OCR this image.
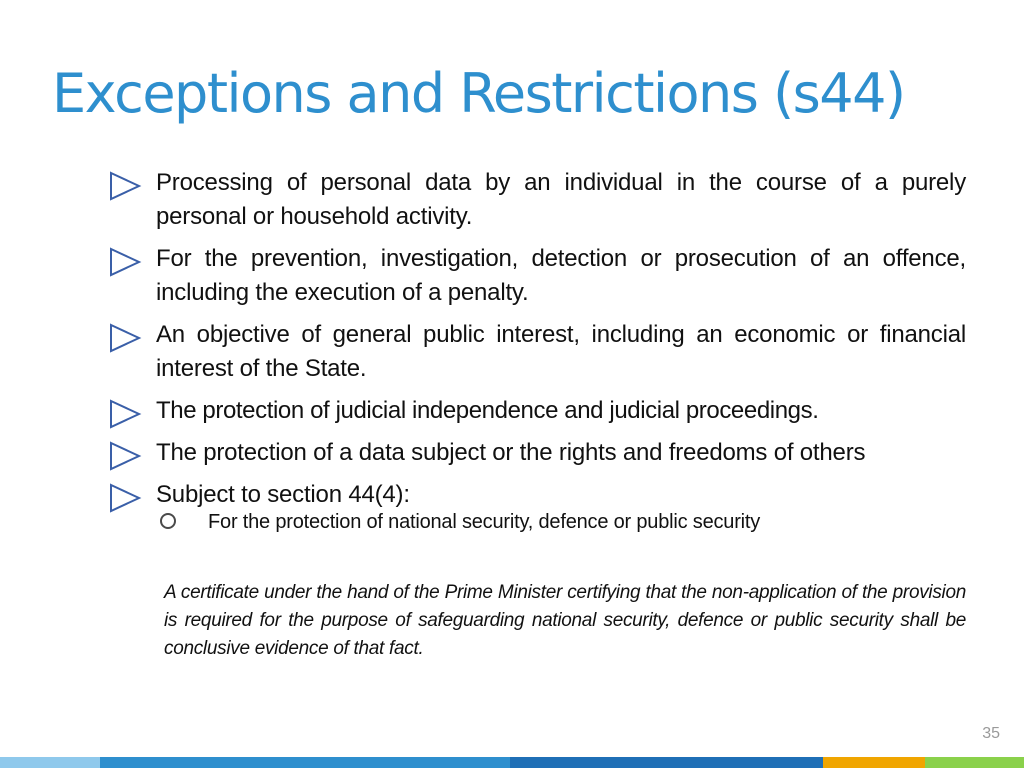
Exceptions and Restrictions (s44)
Processing of personal data by an individual in the course of a purely personal or household activity.
For the prevention, investigation, detection or prosecution of an offence, including the execution of a penalty.
An objective of general public interest, including an economic or financial interest of the State.
The protection of judicial independence and judicial proceedings.
The protection of a data subject or the rights and freedoms of others
Subject to section 44(4):
For the protection of national security, defence or public security

A certificate under the hand of the Prime Minister certifying that the non-application of the provision is required for the purpose of safeguarding national security, defence or public security shall be conclusive evidence of that fact.

35
